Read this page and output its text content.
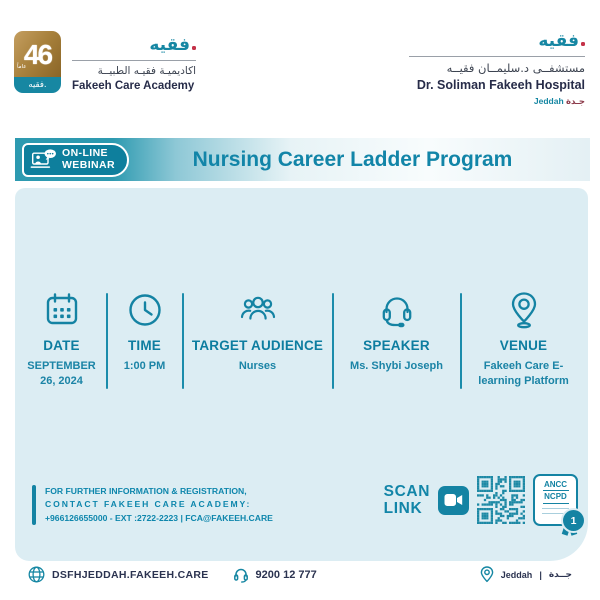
46
عاماً
فقيه.
فقيه
اكاديميـة فقيـه الطبيــة
Fakeeh Care Academy
فقيه
مستشفــى د.سليمــان فقيــه
Dr. Soliman Fakeeh Hospital
Jeddah جـدة
ON-LINE
WEBINAR	Nursing Career Ladder Program
DATE
SEPTEMBER 26, 2024
TIME
1:00 PM
TARGET AUDIENCE
Nurses
SPEAKER
Ms. Shybi Joseph
VENUE
Fakeeh Care E-learning Platform
FOR FURTHER INFORMATION & REGISTRATION,
CONTACT FAKEEH CARE ACADEMY:
+966126655000 - EXT :2722-2223 | FCA@FAKEEH.CARE
SCAN
LINK
ANCC
NCPD
1
DSFHJEDDAH.FAKEEH.CARE	9200 12 777	Jeddah | جــدة
